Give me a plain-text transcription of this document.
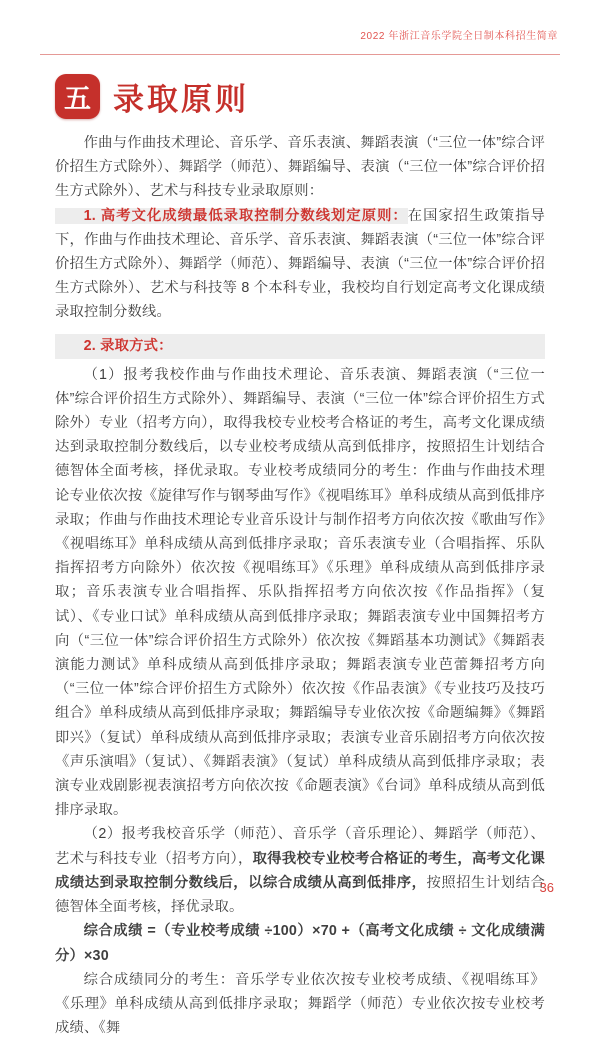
2022 年浙江音乐学院全日制本科招生简章
五 录取原则

作曲与作曲技术理论、音乐学、音乐表演、舞蹈表演（“三位一体”综合评价招生方式除外）、舞蹈学（师范）、舞蹈编导、表演（“三位一体”综合评价招生方式除外）、艺术与科技专业录取原则：

1. 高考文化成绩最低录取控制分数线划定原则：在国家招生政策指导下，作曲与作曲技术理论、音乐学、音乐表演、舞蹈表演（“三位一体”综合评价招生方式除外）、舞蹈学（师范）、舞蹈编导、表演（“三位一体”综合评价招生方式除外）、艺术与科技等 8 个本科专业，我校均自行划定高考文化课成绩录取控制分数线。

2. 录取方式：

（1）报考我校作曲与作曲技术理论、音乐表演、舞蹈表演（“三位一体”综合评价招生方式除外）、舞蹈编导、表演（“三位一体”综合评价招生方式除外）专业（招考方向），取得我校专业校考合格证的考生，高考文化课成绩达到录取控制分数线后，以专业校考成绩从高到低排序，按照招生计划结合德智体全面考核，择优录取。专业校考成绩同分的考生：作曲与作曲技术理论专业依次按《旋律写作与钢琴曲写作》《视唱练耳》单科成绩从高到低排序录取；作曲与作曲技术理论专业音乐设计与制作招考方向依次按《歌曲写作》《视唱练耳》单科成绩从高到低排序录取；音乐表演专业（合唱指挥、乐队指挥招考方向除外）依次按《视唱练耳》《乐理》单科成绩从高到低排序录取；音乐表演专业合唱指挥、乐队指挥招考方向依次按《作品指挥》（复试）、《专业口试》单科成绩从高到低排序录取；舞蹈表演专业中国舞招考方向（“三位一体”综合评价招生方式除外）依次按《舞蹈基本功测试》《舞蹈表演能力测试》单科成绩从高到低排序录取；舞蹈表演专业芭蕾舞招考方向（“三位一体”综合评价招生方式除外）依次按《作品表演》《专业技巧及技巧组合》单科成绩从高到低排序录取；舞蹈编导专业依次按《命题编舞》《舞蹈即兴》（复试）单科成绩从高到低排序录取；表演专业音乐剧招考方向依次按《声乐演唱》（复试）、《舞蹈表演》（复试）单科成绩从高到低排序录取；表演专业戏剧影视表演招考方向依次按《命题表演》《台词》单科成绩从高到低排序录取。

（2）报考我校音乐学（师范）、音乐学（音乐理论）、舞蹈学（师范）、艺术与科技专业（招考方向），取得我校专业校考合格证的考生，高考文化课成绩达到录取控制分数线后，以综合成绩从高到低排序，按照招生计划结合德智体全面考核，择优录取。

综合成绩 =（专业校考成绩 ÷100）×70 +（高考文化成绩 ÷ 文化成绩满分）×30

综合成绩同分的考生：音乐学专业依次按专业校考成绩、《视唱练耳》《乐理》单科成绩从高到低排序录取；舞蹈学（师范）专业依次按专业校考成绩、《舞

36
